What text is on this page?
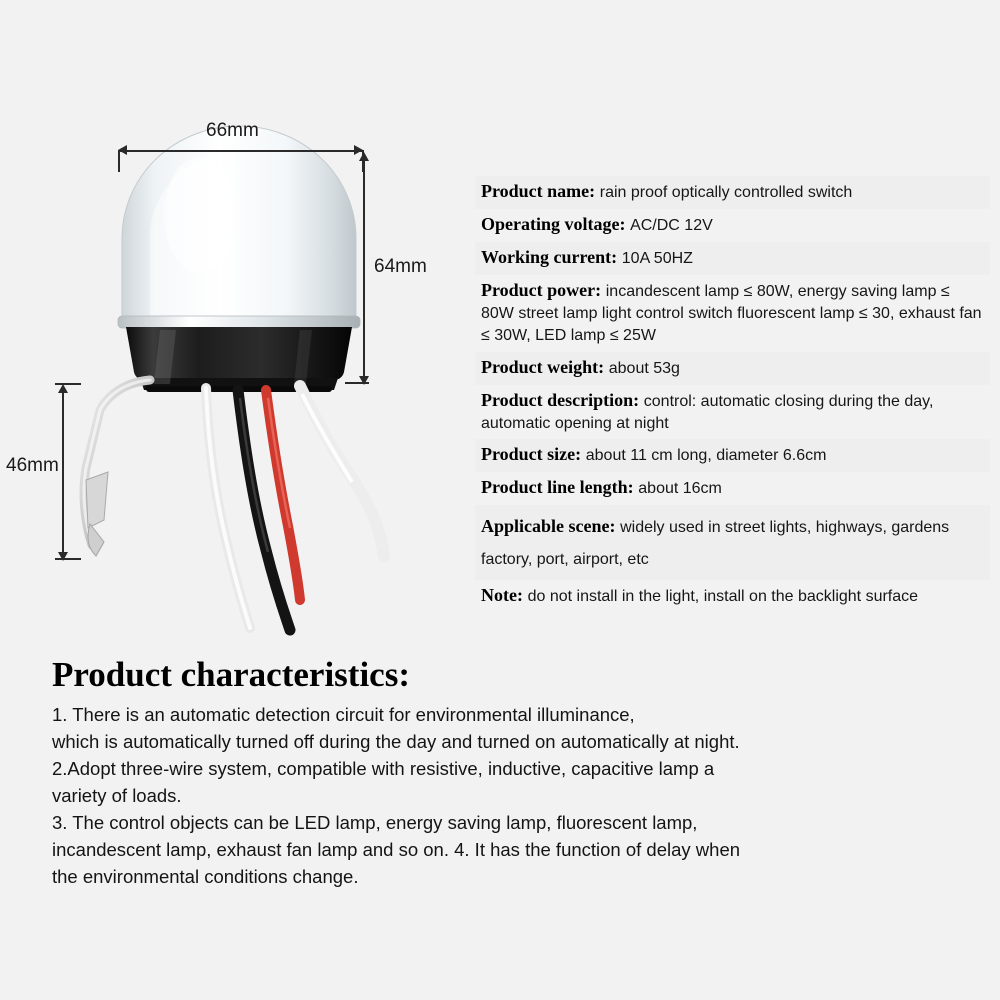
66mm
64mm
46mm
Product name: rain proof optically controlled switch
Operating voltage: AC/DC 12V
Working current: 10A 50HZ
Product power: incandescent lamp ≤ 80W, energy saving lamp ≤ 80W street lamp light control switch fluorescent lamp ≤ 30, exhaust fan ≤ 30W, LED lamp ≤ 25W
Product weight: about 53g
Product description: control: automatic closing during the day, automatic opening at night
Product size: about 11 cm long, diameter 6.6cm
Product line length: about 16cm
Applicable scene: widely used in street lights, highways, gardens factory, port, airport, etc
Note: do not install in the light, install on the backlight surface
Product characteristics:
1. There is an automatic detection circuit for environmental illuminance,
which is automatically turned off during the day and turned on automatically at night.
2.Adopt three-wire system, compatible with resistive, inductive, capacitive lamp a
variety of loads.
3. The control objects can be LED lamp, energy saving lamp, fluorescent lamp,
incandescent lamp, exhaust fan lamp and so on. 4. It has the function of delay when
the environmental conditions change.
